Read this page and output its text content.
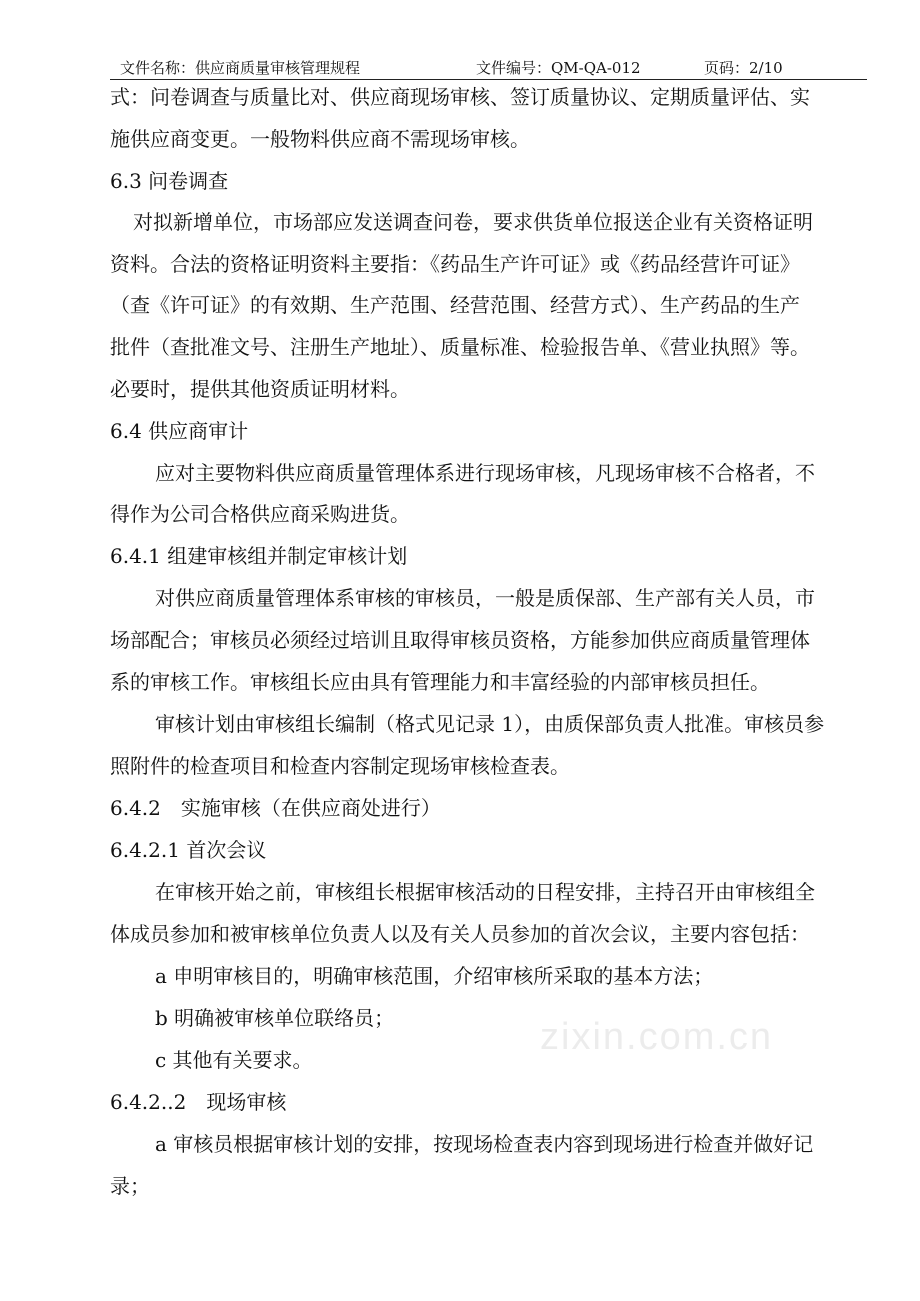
文件名称：供应商质量审核管理规程	文件编号：QM-QA-012	页码：2/10
式：问卷调查与质量比对、供应商现场审核、签订质量协议、定期质量评估、实
施供应商变更。一般物料供应商不需现场审核。
6.3 问卷调查
对拟新增单位，市场部应发送调查问卷，要求供货单位报送企业有关资格证明
资料。合法的资格证明资料主要指：《药品生产许可证》或《药品经营许可证》
（查《许可证》的有效期、生产范围、经营范围、经营方式）、生产药品的生产
批件（查批准文号、注册生产地址）、质量标准、检验报告单、《营业执照》等。
必要时，提供其他资质证明材料。
6.4 供应商审计
应对主要物料供应商质量管理体系进行现场审核，凡现场审核不合格者，不
得作为公司合格供应商采购进货。
6.4.1 组建审核组并制定审核计划
对供应商质量管理体系审核的审核员，一般是质保部、生产部有关人员，市
场部配合；审核员必须经过培训且取得审核员资格，方能参加供应商质量管理体
系的审核工作。审核组长应由具有管理能力和丰富经验的内部审核员担任。
审核计划由审核组长编制（格式见记录 1），由质保部负责人批准。审核员参
照附件的检查项目和检查内容制定现场审核检查表。
6.4.2　实施审核（在供应商处进行）
6.4.2.1 首次会议
在审核开始之前，审核组长根据审核活动的日程安排，主持召开由审核组全
体成员参加和被审核单位负责人以及有关人员参加的首次会议，主要内容包括：
a 申明审核目的，明确审核范围，介绍审核所采取的基本方法；
b 明确被审核单位联络员；
c 其他有关要求。
6.4.2..2　现场审核
a 审核员根据审核计划的安排，按现场检查表内容到现场进行检查并做好记
录；
zixin.com.cn
